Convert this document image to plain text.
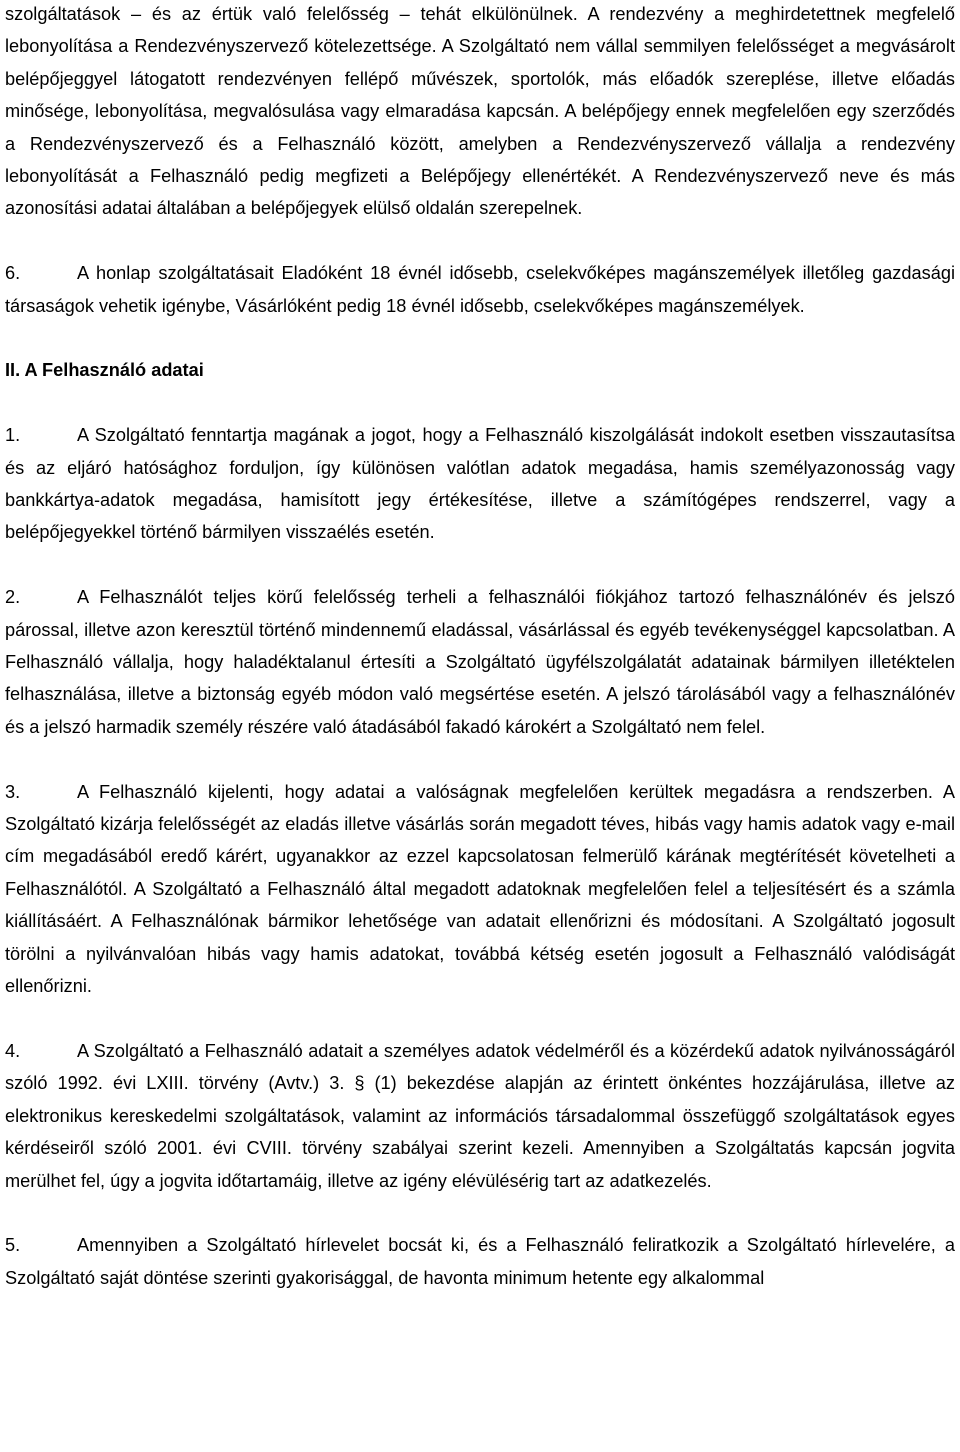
szolgáltatások – és az értük való felelősség – tehát elkülönülnek. A rendezvény a meghirdetettnek megfelelő lebonyolítása a Rendezvényszervező kötelezettsége. A Szolgáltató nem vállal semmilyen felelősséget a megvásárolt belépőjeggyel látogatott rendezvényen fellépő művészek, sportolók, más előadók szereplése, illetve előadás minősége, lebonyolítása, megvalósulása vagy elmaradása kapcsán. A belépőjegy ennek megfelelően egy szerződés a Rendezvényszervező és a Felhasználó között, amelyben a Rendezvényszervező vállalja a rendezvény lebonyolítását a Felhasználó pedig megfizeti a Belépőjegy ellenértékét. A Rendezvényszervező neve és más azonosítási adatai általában a belépőjegyek elülső oldalán szerepelnek.

6.	A honlap szolgáltatásait Eladóként 18 évnél idősebb, cselekvőképes magánszemélyek illetőleg gazdasági társaságok vehetik igénybe, Vásárlóként pedig 18 évnél idősebb, cselekvőképes magánszemélyek.

II. A Felhasználó adatai

1.	A Szolgáltató fenntartja magának a jogot, hogy a Felhasználó kiszolgálását indokolt esetben visszautasítsa és az eljáró hatósághoz forduljon, így különösen valótlan adatok megadása, hamis személyazonosság vagy bankkártya-adatok megadása, hamisított jegy értékesítése, illetve a számítógépes rendszerrel, vagy a belépőjegyekkel történő bármilyen visszaélés esetén.

2.	A Felhasználót teljes körű felelősség terheli a felhasználói fiókjához tartozó felhasználónév és jelszó párossal, illetve azon keresztül történő mindennemű eladással, vásárlással és egyéb tevékenységgel kapcsolatban. A Felhasználó vállalja, hogy haladéktalanul értesíti a Szolgáltató ügyfélszolgálatát adatainak bármilyen illetéktelen felhasználása, illetve a biztonság egyéb módon való megsértése esetén. A jelszó tárolásából vagy a felhasználónév és a jelszó harmadik személy részére való átadásából fakadó károkért a Szolgáltató nem felel.

3.	A Felhasználó kijelenti, hogy adatai a valóságnak megfelelően kerültek megadásra a rendszerben. A Szolgáltató kizárja felelősségét az eladás illetve vásárlás során megadott téves, hibás vagy hamis adatok vagy e-mail cím megadásából eredő kárért, ugyanakkor az ezzel kapcsolatosan felmerülő kárának megtérítését követelheti a Felhasználótól. A Szolgáltató a Felhasználó által megadott adatoknak megfelelően felel a teljesítésért és a számla kiállításáért. A Felhasználónak bármikor lehetősége van adatait ellenőrizni és módosítani. A Szolgáltató jogosult törölni a nyilvánvalóan hibás vagy hamis adatokat, továbbá kétség esetén jogosult a Felhasználó valódiságát ellenőrizni.

4.	A Szolgáltató a Felhasználó adatait a személyes adatok védelméről és a közérdekű adatok nyilvánosságáról szóló 1992. évi LXIII. törvény (Avtv.) 3. § (1) bekezdése alapján az érintett önkéntes hozzájárulása, illetve az elektronikus kereskedelmi szolgáltatások, valamint az információs társadalommal összefüggő szolgáltatások egyes kérdéseiről szóló 2001. évi CVIII. törvény szabályai szerint kezeli. Amennyiben a Szolgáltatás kapcsán jogvita merülhet fel, úgy a jogvita időtartamáig, illetve az igény elévülésérig tart az adatkezelés.

5.	Amennyiben a Szolgáltató hírlevelet bocsát ki, és a Felhasználó feliratkozik a Szolgáltató hírlevelére, a Szolgáltató saját döntése szerinti gyakorisággal, de havonta minimum hetente egy alkalommal
